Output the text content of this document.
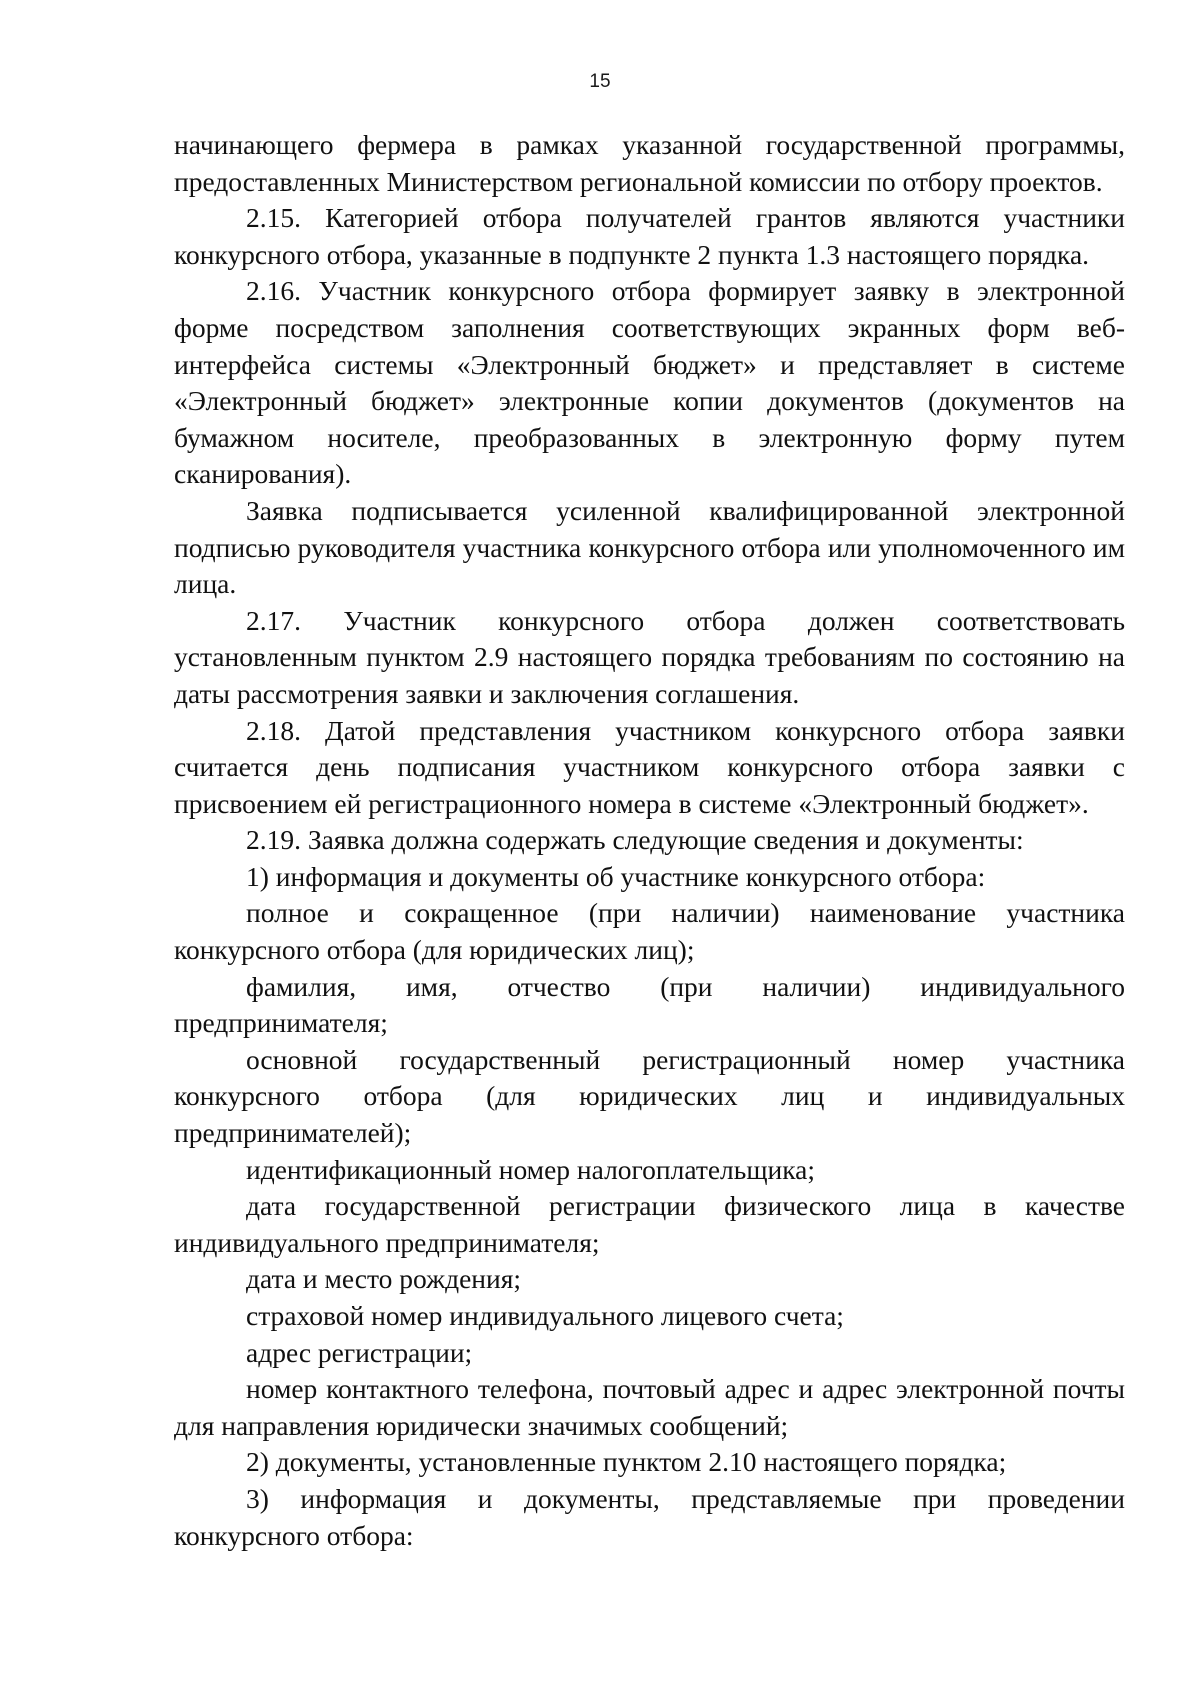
15

начинающего фермера в рамках указанной государственной программы, предоставленных Министерством региональной комиссии по отбору проектов.

2.15. Категорией отбора получателей грантов являются участники конкурсного отбора, указанные в подпункте 2 пункта 1.3 настоящего порядка.

2.16. Участник конкурсного отбора формирует заявку в электронной форме посредством заполнения соответствующих экранных форм веб-интерфейса системы «Электронный бюджет» и представляет в системе «Электронный бюджет» электронные копии документов (документов на бумажном носителе, преобразованных в электронную форму путем сканирования).

Заявка подписывается усиленной квалифицированной электронной подписью руководителя участника конкурсного отбора или уполномоченного им лица.

2.17. Участник конкурсного отбора должен соответствовать установленным пунктом 2.9 настоящего порядка требованиям по состоянию на даты рассмотрения заявки и заключения соглашения.

2.18. Датой представления участником конкурсного отбора заявки считается день подписания участником конкурсного отбора заявки с присвоением ей регистрационного номера в системе «Электронный бюджет».

2.19. Заявка должна содержать следующие сведения и документы:

1) информация и документы об участнике конкурсного отбора:

полное и сокращенное (при наличии) наименование участника конкурсного отбора (для юридических лиц);

фамилия, имя, отчество (при наличии) индивидуального предпринимателя;

основной государственный регистрационный номер участника конкурсного отбора (для юридических лиц и индивидуальных предпринимателей);

идентификационный номер налогоплательщика;

дата государственной регистрации физического лица в качестве индивидуального предпринимателя;

дата и место рождения;

страховой номер индивидуального лицевого счета;

адрес регистрации;

номер контактного телефона, почтовый адрес и адрес электронной почты для направления юридически значимых сообщений;

2) документы, установленные пунктом 2.10 настоящего порядка;

3) информация и документы, представляемые при проведении конкурсного отбора:
